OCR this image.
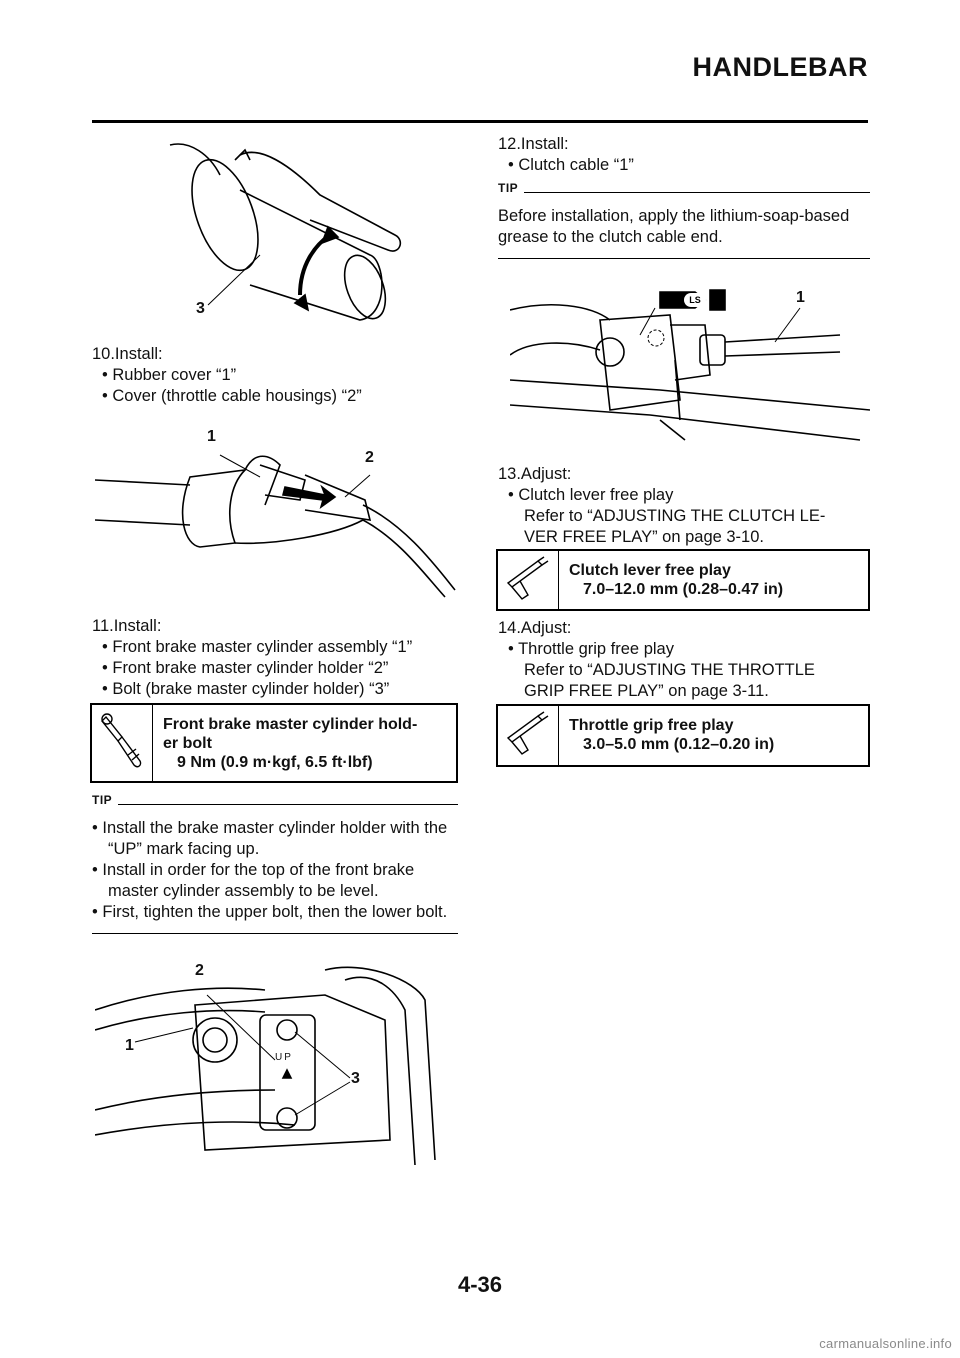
HANDLEBAR
3

10.Install:

• Rubber cover “1”

• Cover (throttle cable housings) “2”

1
2

11.Install:

• Front brake master cylinder assembly “1”

• Front brake master cylinder holder “2”

• Bolt (brake master cylinder holder) “3”

Front brake master cylinder hold-
er bolt
9 Nm (0.9 m·kgf, 6.5 ft·lbf)
TIP
• Install the brake master cylinder holder with the “UP” mark facing up.
• Install in order for the top of the front brake master cylinder assembly to be level.
• First, tighten the upper bolt, then the lower bolt.
2
1
3
UP

12.Install:

• Clutch cable “1”

TIP
Before installation, apply the lithium-soap-based grease to the clutch cable end.
LS	1

13.Adjust:

• Clutch lever free play

Refer to “ADJUSTING THE CLUTCH LE-

VER FREE PLAY” on page 3-10.

Clutch lever free play
7.0–12.0 mm (0.28–0.47 in)

14.Adjust:

• Throttle grip free play

Refer to “ADJUSTING THE THROTTLE

GRIP FREE PLAY” on page 3-11.

Throttle grip free play
3.0–5.0 mm (0.12–0.20 in)
4-36
carmanualsonline.info
